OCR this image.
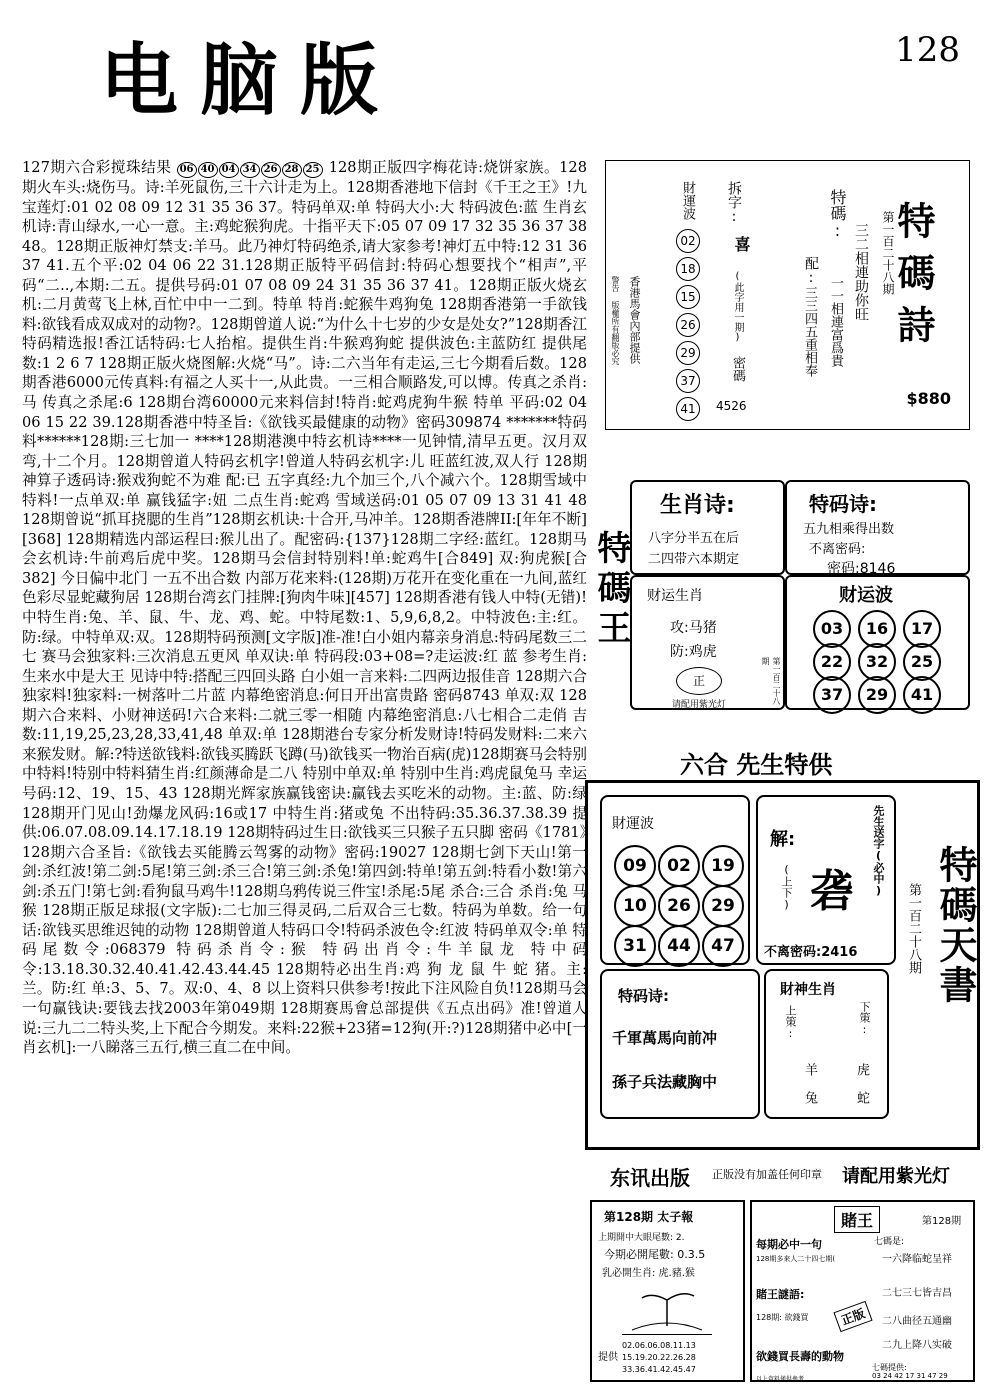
电脑版	128
127期六合彩搅珠结果 06 40 04 34 26 28 25 128期正版四字梅花诗:烧饼家族。128期火车头:烧伤马。诗:羊死鼠伤,三十六计走为上。128期香港地下信封《千王之王》!九宝莲灯:01 02 08 09 12 31 35 36 37。特码单双:单 特码大小:大 特码波色:蓝 生肖玄机诗:青山绿水,一心一意。主:鸡蛇猴狗虎。十指平天下:05 07 09 17 32 35 36 37 38 48。128期正版神灯禁支:羊马。此乃神灯特码绝杀,请大家参考!神灯五中特:12 31 36 37 41.五个平:02 04 06 22 31.128期正版特平码信封:特码心想要找个“相声”,平码“二..,本期:二五。提供号码:01 07 08 09 24 31 35 36 37 41。128期正版火烧玄机:二月黄莺飞上林,百忙中中一二到。特单 特肖:蛇猴牛鸡狗兔 128期香港第一手欲钱料:欲钱看成双成对的动物?。128期曾道人说:“为什么十七岁的少女是处女?”128期香江特码精选报!香江话特码:七人抬棺。提供生肖:牛猴鸡狗蛇 提供波色:主蓝防红 提供尾数:1 2 6 7 128期正版火烧图解:火烧“马”。诗:二六当年有走运,三七今期看后数。128期香港6000元传真料:有福之人买十一,从此贵。一三相合顺路发,可以博。传真之杀肖:马 传真之杀尾:6 128期台湾60000元来料信封!特肖:蛇鸡虎狗牛猴 特单 平码:02 04 06 15 22 39.128期香港中特圣旨:《欲钱买最健康的动物》密码309874 *******特码料******128期:三七加一 ****128期港澳中特玄机诗****一见钟情,清早五更。汉月双弯,十二个月。128期曾道人特码玄机字!曾道人特码玄机字:儿 旺蓝红波,双人行 128期神算子透码诗:猴戏狗蛇不为难 配:已 五字真经:九个加三个,八个减六个。128期雪域中特料!一点单双:单 赢钱猛字:妞 二点生肖:蛇鸡 雪域送码:01 05 07 09 13 31 41 48 128期曾说“抓耳挠腮的生肖”128期玄机诀:十合开,马冲羊。128期香港牌II:[年年不断][368] 128期精选内部运程曰:猴儿出了。配密码:{137}128期二字经:蓝红。128期马会玄机诗:牛前鸡后虎中奖。128期马会信封特别料!单:蛇鸡牛[合849] 双:狗虎猴[合382] 今日偏中北门 一五不出合数 内部万花来料:(128期)万花开在变化重在一九间,蓝红色彩尽显蛇藏狗居 128期台湾玄门挂牌:[狗肉牛味][457] 128期香港有钱人中特(无错)!中特生肖:兔、羊、鼠、牛、龙、鸡、蛇。中特尾数:1、5,9,6,8,2。中特波色:主:红。防:绿。中特单双:双。128期特码预测[文字版]准-准!白小姐内幕亲身消息:特码尾数三二七 赛马会独家料:三次消息五更风 单双诀:单 特码段:03+08=?走运波:红 蓝 参考生肖:生来水中是大王 见诗中特:搭配三四回头路 白小姐一言来料:二四两边报佳音 128期六合独家料!独家料:一树落叶二片蓝 内幕绝密消息:何日开出富贵路 密码8743 单双:双 128期六合来料、小财神送码!六合来料:二就三零一相随 内幕绝密消息:八七相合二走俏 吉数:11,19,25,23,28,33,41,48 单双:单 128期港台专家分析发财诗!特码发财料:二来六来猴发财。解:?特送欲钱料:欲钱买腾跃飞蹲(马)欲钱买一物治百病(虎)128期赛马会特别中特料!特别中特料猜生肖:红颜薄命是二八 特别中单双:单 特别中生肖:鸡虎鼠兔马 幸运号码:12、19、15、43 128期光辉家族赢钱密诀:赢钱去买吃米的动物。主:蓝、防:绿 128期开门见山!劲爆龙风码:16或17 中特生肖:猪或兔 不出特码:35.36.37.38.39 提供:06.07.08.09.14.17.18.19 128期特码过生日:欲钱买三只猴子五只脚 密码《1781》128期六合圣旨:《欲钱去买能腾云驾雾的动物》密码:19027 128期七剑下天山!第一剑:杀红波!第二剑:5尾!第三剑:杀三合!第三剑:杀兔!第四剑:特单!第五剑:特看小数!第六剑:杀五门!第七剑:看狗鼠马鸡牛!128期乌鸦传说三件宝!杀尾:5尾 杀合:三合 杀肖:兔 马 猴 128期正版足球报(文字版):二七加三得灵码,二后双合三七数。特码为单数。给一句话:欲钱买思维迟钝的动物 128期曾道人特码口令!特码杀波色令:红波 特码单双令:单 特码尾数令:068379 特码杀肖令:猴 特码出肖令:牛羊鼠龙 特中码令:13.18.30.32.40.41.42.43.44.45 128期特必出生肖:鸡 狗 龙 鼠 牛 蛇 猪。主:兰。防:红 单:3、5、7。双:0、4、8 以上资料只供参考!按此下注风险自负!128期马会一句赢钱诀:要钱去找2003年第049期 128期赛馬會总部提供《五点出码》准!曾道人说:三九二二特头奖,上下配合今期发。来料:22猴+23猪=12狗(开:?)128期猪中必中[一肖玄机]:一八睇落三五行,横三直二在中间。
特碼詩
第一百二十八期
$880
特碼:
三二相連助你旺
配:
一一相連富爲貴
三三四五重相奉
拆字:
喜
(此字用一期)
密碼
財運波
02 18 15 26 29 37 41
香港馬會內部提供
警告
版權所有翻版必究
4526
特碼王
生肖诗:
八字分半五在后
二四带六本期定
特码诗:
五九相乘得出数
不离密码:
密码:8146
财运生肖
攻:马猪
防:鸡虎
正	第一百二十八期
请配用紫光灯
财运波
03	16	17
22	32	25
37	29	41
六合 先生特供
財運波
09	02	19
10	26	29
31	44	47
解:
(上下) 砻 先生送字(必中)
不离密码:2416
特码诗:
千軍萬馬向前冲
孫子兵法藏胸中
財神生肖
上策:	下策:
羊 兔	虎 蛇
特碼天書
第一百二十八期
东讯出版 正版没有加盖任何印章 请配用紫光灯
第128期 太子報
上期開中大眼尾數: 2.
今期必開尾數: 0.3.5
乳必開生肖: 虎.豬.猴
提供
02.06.06.08.11.13 15.19.20.22.26.28 33.36.41.42.45.47
賭王	第128期
每期必中一句	七碼是:
128期多來人二十四七期(	一六降临蛇呈祥
賭王謎語:	二七三七皆吉昌
128期: 欲錢買	正版	二八曲径五通幽
二九上降八实破
欲錢買長壽的動物
七碼提供:
03 24 42 17 31 47 29
以上資料僅供參考
